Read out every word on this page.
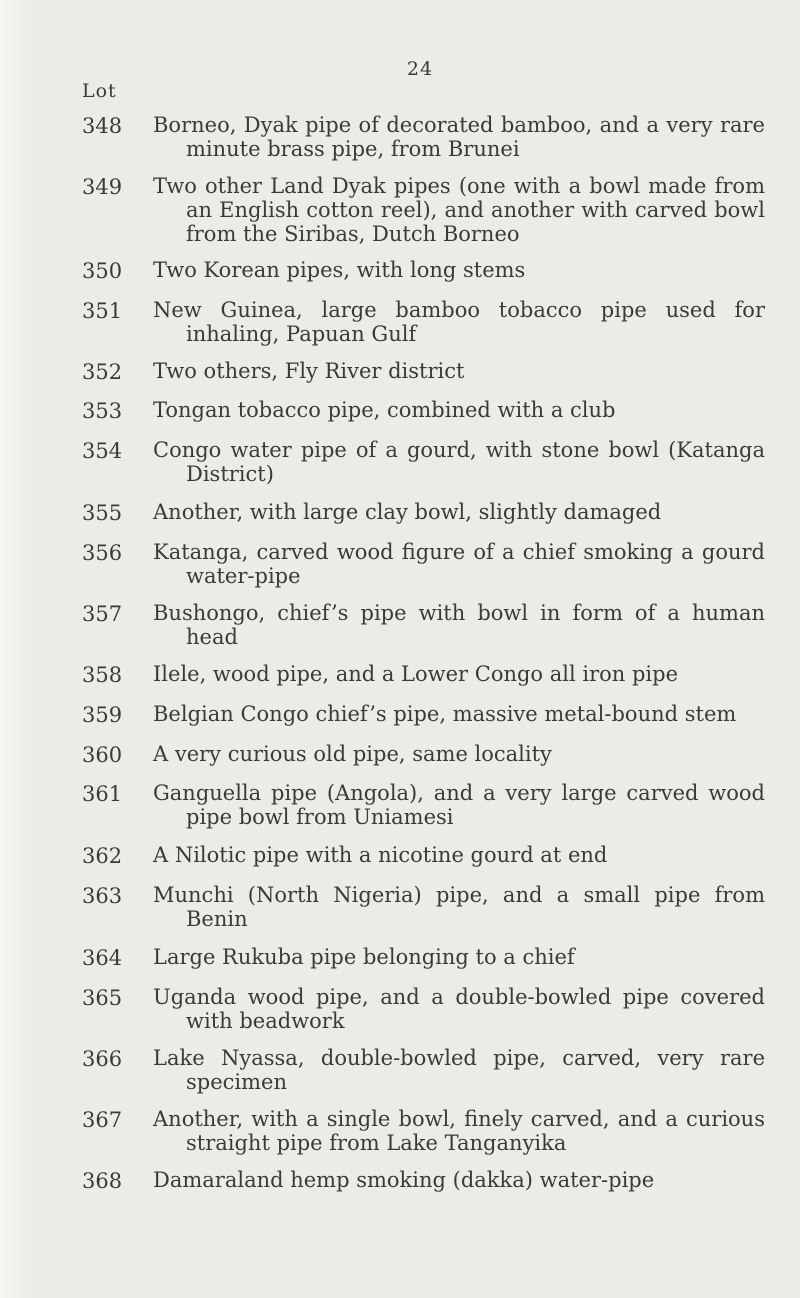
24
Lot
348 Borneo, Dyak pipe of decorated bamboo, and a very rare minute brass pipe, from Brunei
349 Two other Land Dyak pipes (one with a bowl made from an English cotton reel), and another with carved bowl from the Siribas, Dutch Borneo
350 Two Korean pipes, with long stems
351 New Guinea, large bamboo tobacco pipe used for inhaling, Papuan Gulf
352 Two others, Fly River district
353 Tongan tobacco pipe, combined with a club
354 Congo water pipe of a gourd, with stone bowl (Katanga District)
355 Another, with large clay bowl, slightly damaged
356 Katanga, carved wood figure of a chief smoking a gourd water-pipe
357 Bushongo, chief’s pipe with bowl in form of a human head
358 Ilele, wood pipe, and a Lower Congo all iron pipe
359 Belgian Congo chief’s pipe, massive metal-bound stem
360 A very curious old pipe, same locality
361 Ganguella pipe (Angola), and a very large carved wood pipe bowl from Uniamesi
362 A Nilotic pipe with a nicotine gourd at end
363 Munchi (North Nigeria) pipe, and a small pipe from Benin
364 Large Rukuba pipe belonging to a chief
365 Uganda wood pipe, and a double-bowled pipe covered with beadwork
366 Lake Nyassa, double-bowled pipe, carved, very rare specimen
367 Another, with a single bowl, finely carved, and a curious straight pipe from Lake Tanganyika
368 Damaraland hemp smoking (dakka) water-pipe
